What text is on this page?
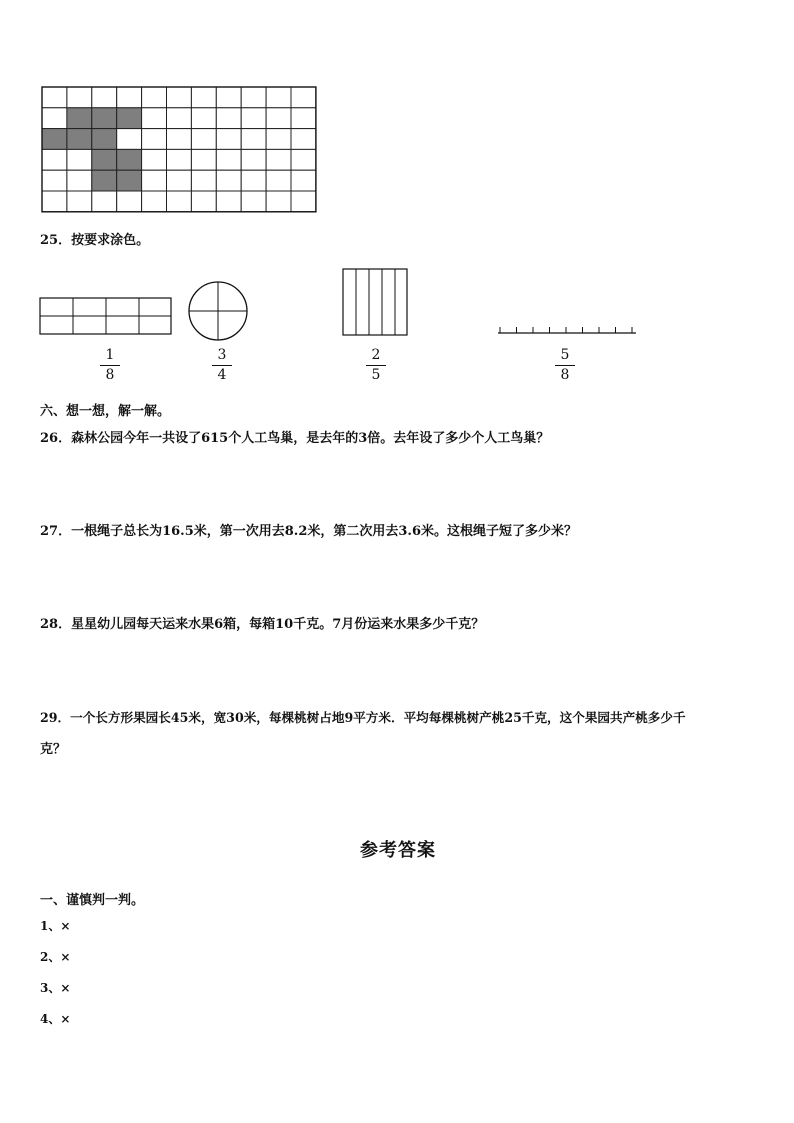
25．按要求涂色。
1
8
3
4
2
5
5
8
六、想一想，解一解。
26．森林公园今年一共设了615个人工鸟巢，是去年的3倍。去年设了多少个人工鸟巢？
27．一根绳子总长为16.5米，第一次用去8.2米，第二次用去3.6米。这根绳子短了多少米？
28．星星幼儿园每天运来水果6箱，每箱10千克。7月份运来水果多少千克？
29．一个长方形果园长45米，宽30米，每棵桃树占地9平方米．平均每棵桃树产桃25千克，这个果园共产桃多少千
克？
参考答案
一、谨慎判一判。
1、×
2、×
3、×
4、×
